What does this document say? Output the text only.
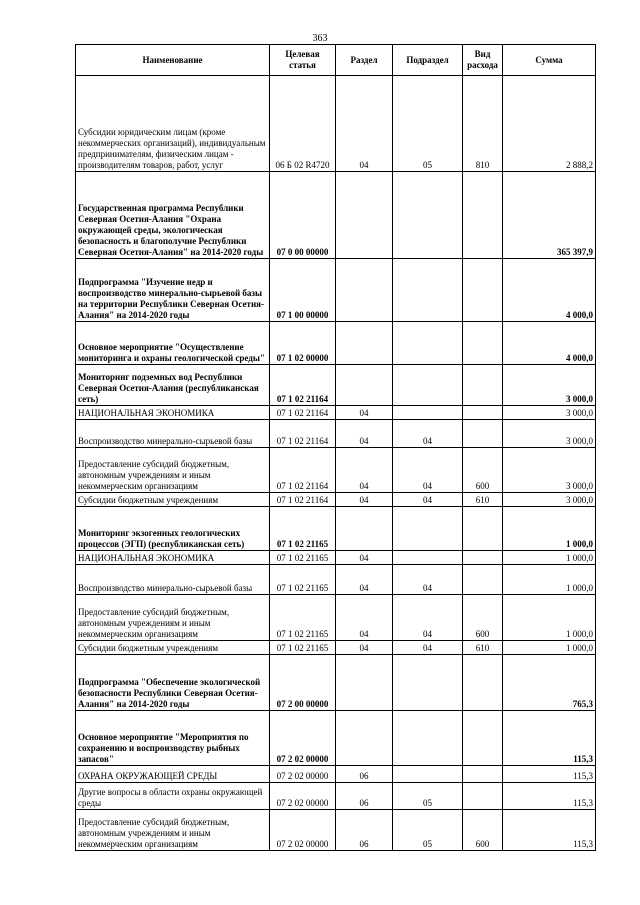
363
Наименование	Целевая статья	Раздел	Подраздел	Вид расхода	Сумма
Субсидии юридическим лицам (кроме некоммерческих организаций), индивидуальным предпринимателям, физическим лицам - производителям товаров, работ, услуг	06 Б 02 R4720	04	05	810	2 888,2
Государственная программа Республики Северная Осетия-Алания "Охрана окружающей среды, экологическая безопасность и благополучие Республики Северная Осетия-Алания" на 2014-2020 годы	07 0 00 00000				365 397,9
Подпрограмма "Изучение недр и воспроизводство минерально-сырьевой базы на территории Республики Северная Осетия-Алания" на 2014-2020 годы	07 1 00 00000				4 000,0
Основное мероприятие "Осуществление мониторинга и охраны геологической среды"	07 1 02 00000				4 000,0
Мониторинг подземных вод Республики Северная Осетия-Алания (республиканская сеть)	07 1 02 21164				3 000,0
НАЦИОНАЛЬНАЯ ЭКОНОМИКА	07 1 02 21164	04			3 000,0
Воспроизводство минерально-сырьевой базы	07 1 02 21164	04	04		3 000,0
Предоставление субсидий бюджетным, автономным учреждениям и иным некоммерческим организациям	07 1 02 21164	04	04	600	3 000,0
Субсидии бюджетным учреждениям	07 1 02 21164	04	04	610	3 000,0
Мониторинг экзогенных геологических процессов (ЭГП) (республиканская сеть)	07 1 02 21165				1 000,0
НАЦИОНАЛЬНАЯ ЭКОНОМИКА	07 1 02 21165	04			1 000,0
Воспроизводство минерально-сырьевой базы	07 1 02 21165	04	04		1 000,0
Предоставление субсидий бюджетным, автономным учреждениям и иным некоммерческим организациям	07 1 02 21165	04	04	600	1 000,0
Субсидии бюджетным учреждениям	07 1 02 21165	04	04	610	1 000,0
Подпрограмма "Обеспечение экологической безопасности Республики Северная Осетия-Алания" на 2014-2020 годы	07 2 00 00000				765,3
Основное мероприятие "Мероприятия по сохранению и воспроизводству рыбных запасов"	07 2 02 00000				115,3
ОХРАНА ОКРУЖАЮЩЕЙ СРЕДЫ	07 2 02 00000	06			115,3
Другие вопросы в области охраны окружающей среды	07 2 02 00000	06	05		115,3
Предоставление субсидий бюджетным, автономным учреждениям и иным некоммерческим организациям	07 2 02 00000	06	05	600	115,3
